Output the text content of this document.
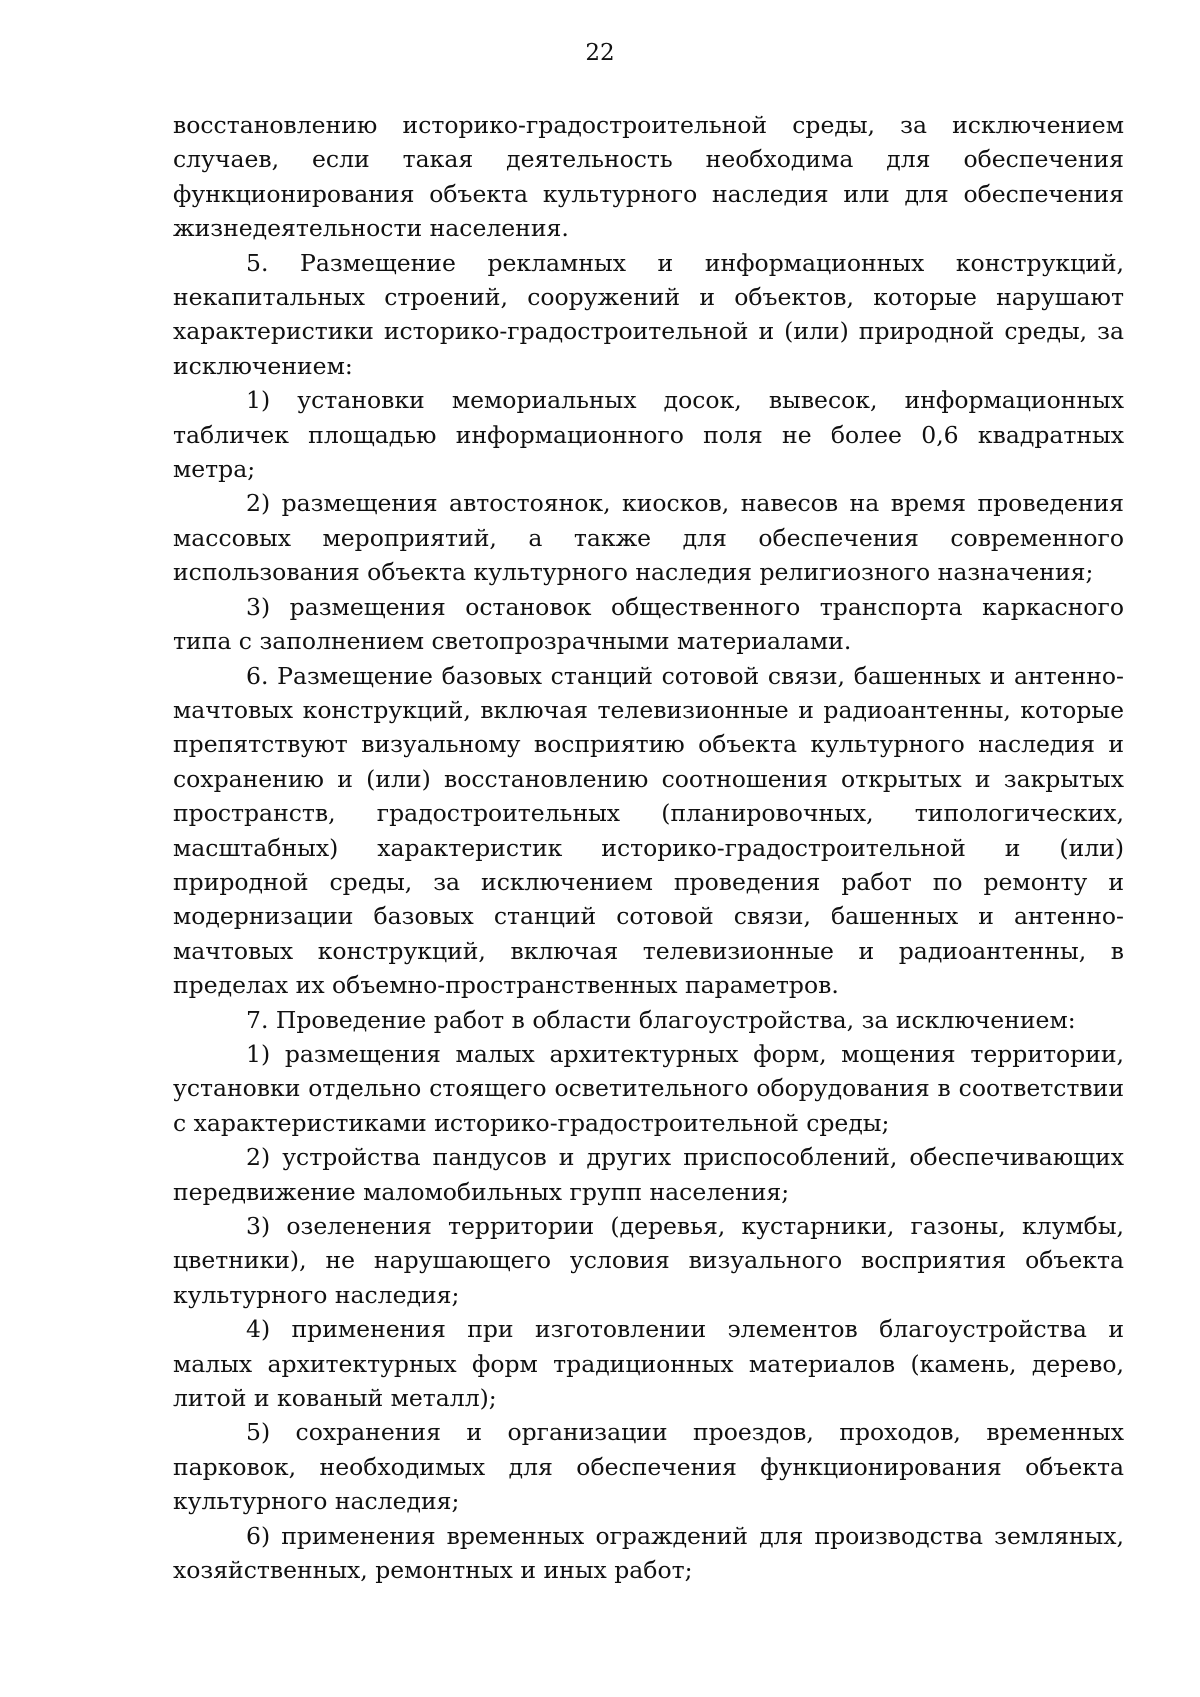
22

восстановлению историко-градостроительной среды, за исключением случаев, если такая деятельность необходима для обеспечения функционирования объекта культурного наследия или для обеспечения жизнедеятельности населения.

5. Размещение рекламных и информационных конструкций, некапитальных строений, сооружений и объектов, которые нарушают характеристики историко-градостроительной и (или) природной среды, за исключением:

1) установки мемориальных досок, вывесок, информационных табличек площадью информационного поля не более 0,6 квадратных метра;

2) размещения автостоянок, киосков, навесов на время проведения массовых мероприятий, а также для обеспечения современного использования объекта культурного наследия религиозного назначения;

3) размещения остановок общественного транспорта каркасного типа с заполнением светопрозрачными материалами.

6. Размещение базовых станций сотовой связи, башенных и антенно-мачтовых конструкций, включая телевизионные и радиоантенны, которые препятствуют визуальному восприятию объекта культурного наследия и сохранению и (или) восстановлению соотношения открытых и закрытых пространств, градостроительных (планировочных, типологических, масштабных) характеристик историко-градостроительной и (или) природной среды, за исключением проведения работ по ремонту и модернизации базовых станций сотовой связи, башенных и антенно-мачтовых конструкций, включая телевизионные и радиоантенны, в пределах их объемно-пространственных параметров.

7. Проведение работ в области благоустройства, за исключением:

1) размещения малых архитектурных форм, мощения территории, установки отдельно стоящего осветительного оборудования в соответствии с характеристиками историко-градостроительной среды;

2) устройства пандусов и других приспособлений, обеспечивающих передвижение маломобильных групп населения;

3) озеленения территории (деревья, кустарники, газоны, клумбы, цветники), не нарушающего условия визуального восприятия объекта культурного наследия;

4) применения при изготовлении элементов благоустройства и малых архитектурных форм традиционных материалов (камень, дерево, литой и кованый металл);

5) сохранения и организации проездов, проходов, временных парковок, необходимых для обеспечения функционирования объекта культурного наследия;

6) применения временных ограждений для производства земляных, хозяйственных, ремонтных и иных работ;
